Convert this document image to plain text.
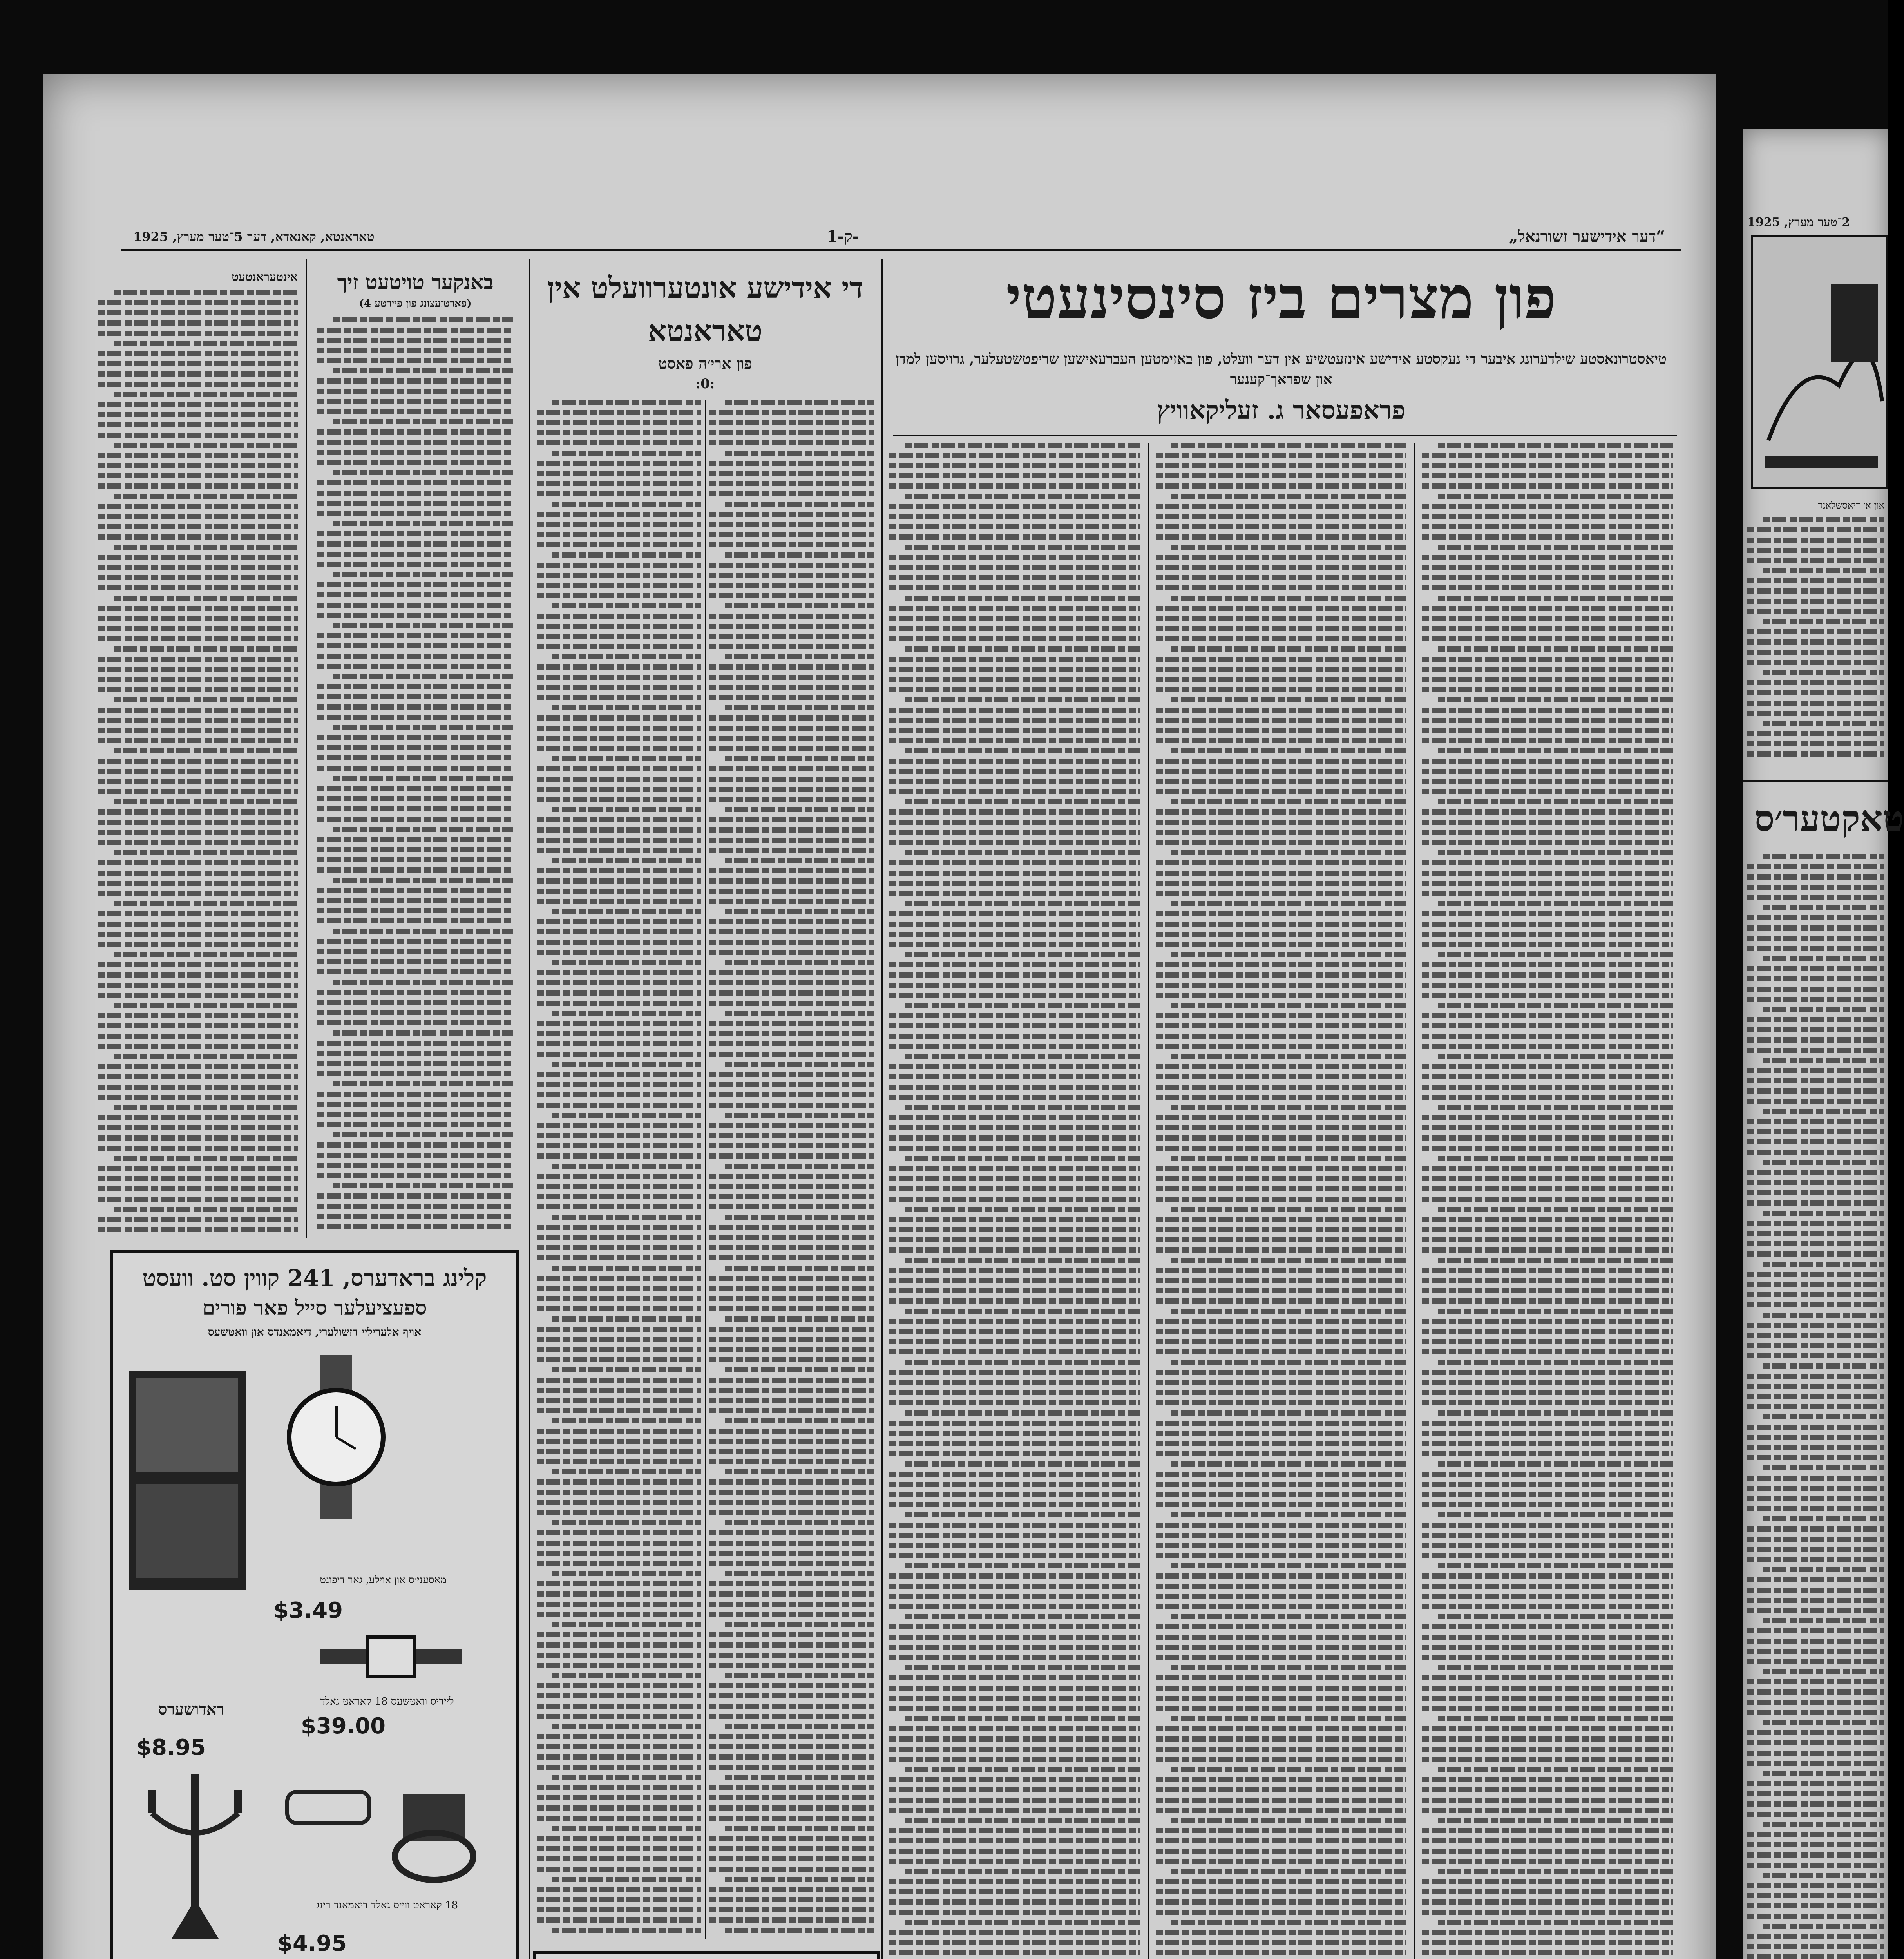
„דער אידישער זשורנאל“
1-ק-
טאראנטא, קאנאדא, דער 5־טער מערץ, 1925
פון מצרים ביז סינסינעטי
טיאסטרונאסטע שילדערונג איבער די נעקסטע אידישע אינזעטשיע אין דער וועלט, פון באזימטען העברעאישען שריפטשטעלער, גרויסען למדן און שפראך־קענער
פראפעסאר ג. זעליקאוויץ
די אידישע אונטערוועלט אין טאראנטא
פון ארי׳ה פאסט
:0:
באנקער טויטעט זיך
(פארטזעצונג פון פיירטע 4)
אינטעראנטעט
קלינג בראדערס, 241 קווין סט. וועסט
ספעציעלער סייל פאר פורים
אויף אלעריליי דזשולערי, דיאמאנדס און וואטשעס
$3.49
מאסעני׳ס און אוילע, גאר דיפונט
ליידיס וואטשעס 18 קאראט גאלד
$39.00
ראדושערס
$8.95
18 קאראט ווייס גאלד דיאמאנד רינג
$4.95
2־טער מערץ, 1925
און א׳ דיאסשלאנד
טאקטער׳ס
